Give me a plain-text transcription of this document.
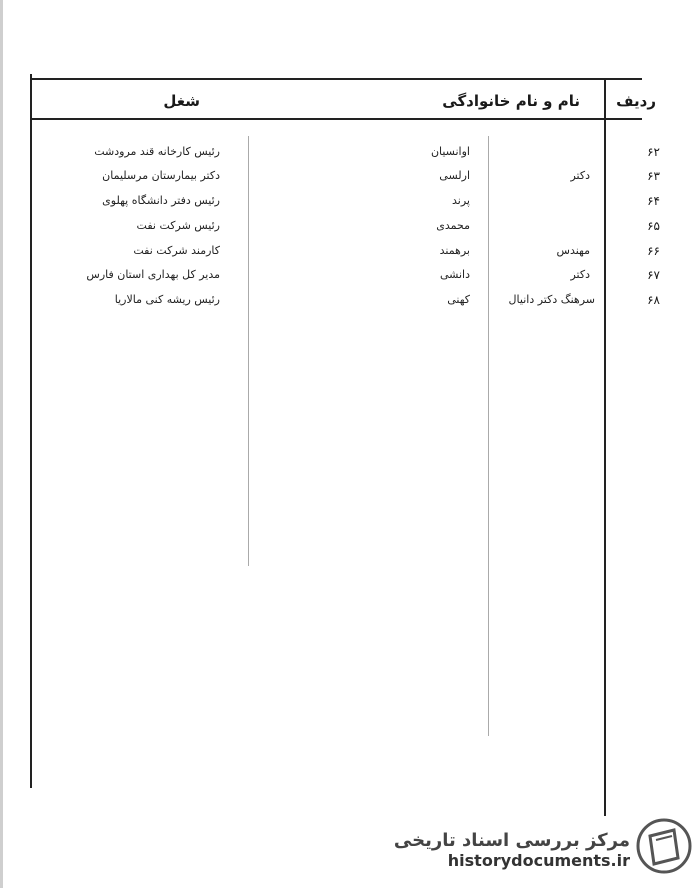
ردیف
نام و نام خانوادگی
شغل
۶۲
اوانسیان
رئیس کارخانه قند مرودشت
۶۳
دکتر
ارلسی
دکتر بیمارستان مرسلیمان
۶۴
پرند
رئیس دفتر دانشگاه پهلوی
۶۵
محمدی
رئیس شرکت نفت
۶۶
مهندس
برهمند
کارمند شرکت نفت
۶۷
دکتر
دانشی
مدیر کل بهداری استان فارس
۶۸
سرهنگ دکتر دانیال
کهنی
رئیس ریشه کنی مالاریا
مرکز بررسی اسناد تاریخی
historydocuments.ir
